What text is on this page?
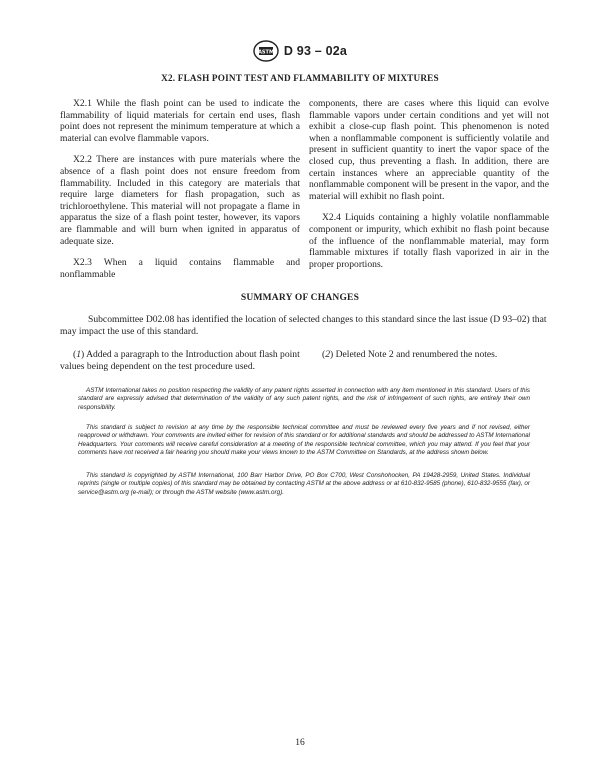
ASTM D 93 – 02a
X2. FLASH POINT TEST AND FLAMMABILITY OF MIXTURES

X2.1 While the flash point can be used to indicate the flammability of liquid materials for certain end uses, flash point does not represent the minimum temperature at which a material can evolve flammable vapors.

X2.2 There are instances with pure materials where the absence of a flash point does not ensure freedom from flammability. Included in this category are materials that require large diameters for flash propagation, such as trichloroethylene. This material will not propagate a flame in apparatus the size of a flash point tester, however, its vapors are flammable and will burn when ignited in apparatus of adequate size.

X2.3 When a liquid contains flammable and nonflammable

components, there are cases where this liquid can evolve flammable vapors under certain conditions and yet will not exhibit a close-cup flash point. This phenomenon is noted when a nonflammable component is sufficiently volatile and present in sufficient quantity to inert the vapor space of the closed cup, thus preventing a flash. In addition, there are certain instances where an appreciable quantity of the nonflammable component will be present in the vapor, and the material will exhibit no flash point.

X2.4 Liquids containing a highly volatile nonflammable component or impurity, which exhibit no flash point because of the influence of the nonflammable material, may form flammable mixtures if totally flash vaporized in air in the proper proportions.

SUMMARY OF CHANGES

Subcommittee D02.08 has identified the location of selected changes to this standard since the last issue (D 93–02) that may impact the use of this standard.

(1) Added a paragraph to the Introduction about flash point values being dependent on the test procedure used.

(2) Deleted Note 2 and renumbered the notes.

ASTM International takes no position respecting the validity of any patent rights asserted in connection with any item mentioned in this standard. Users of this standard are expressly advised that determination of the validity of any such patent rights, and the risk of infringement of such rights, are entirely their own responsibility.

This standard is subject to revision at any time by the responsible technical committee and must be reviewed every five years and if not revised, either reapproved or withdrawn. Your comments are invited either for revision of this standard or for additional standards and should be addressed to ASTM International Headquarters. Your comments will receive careful consideration at a meeting of the responsible technical committee, which you may attend. If you feel that your comments have not received a fair hearing you should make your views known to the ASTM Committee on Standards, at the address shown below.

This standard is copyrighted by ASTM International, 100 Barr Harbor Drive, PO Box C700, West Conshohocken, PA 19428-2959, United States. Individual reprints (single or multiple copies) of this standard may be obtained by contacting ASTM at the above address or at 610-832-9585 (phone), 610-832-9555 (fax), or service@astm.org (e-mail); or through the ASTM website (www.astm.org).

16
